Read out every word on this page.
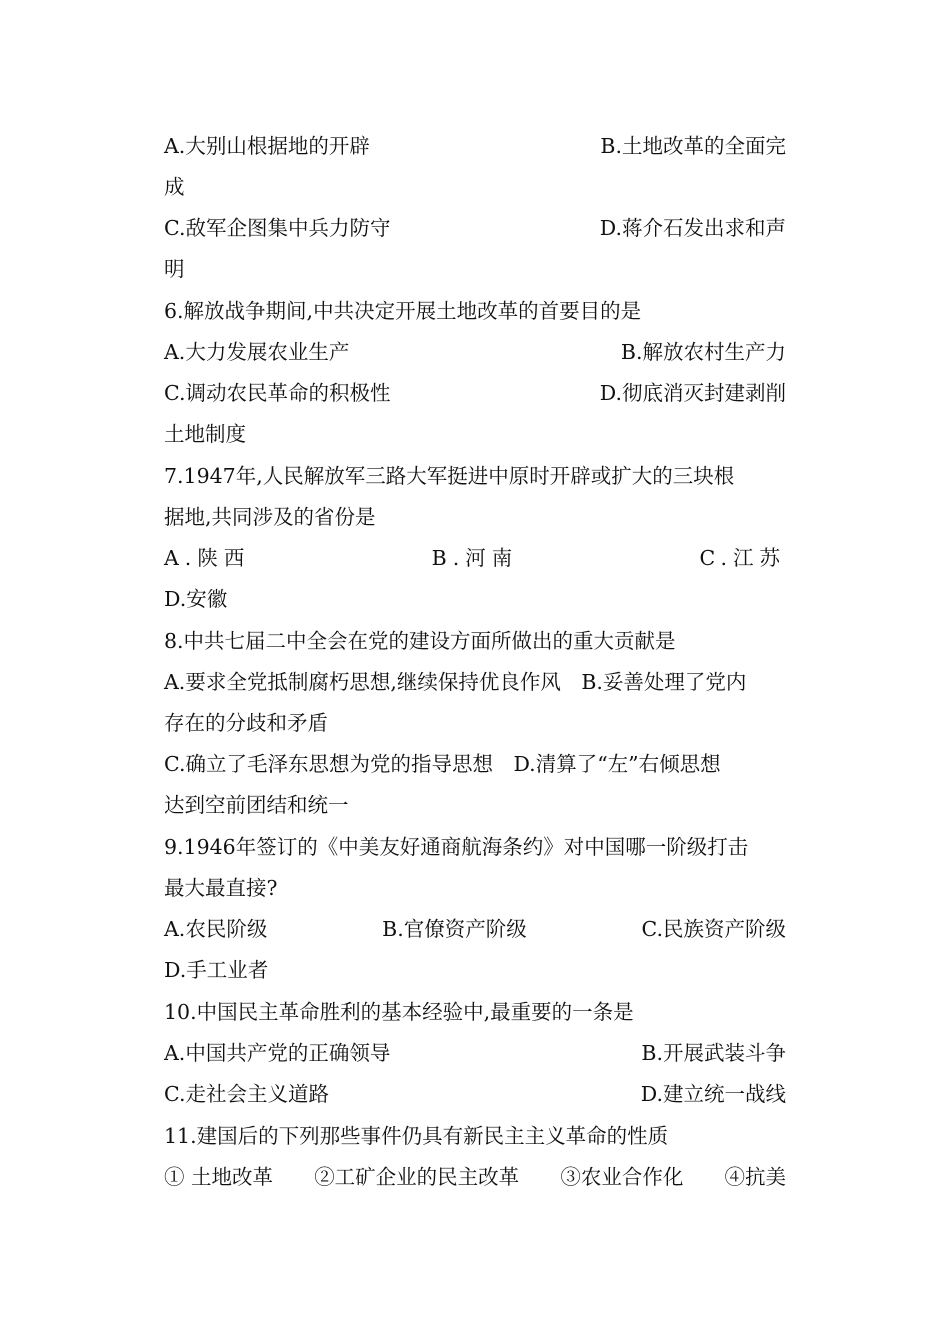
A.大别山根据地的开辟	B.土地改革的全面完
成
C.敌军企图集中兵力防守	D.蒋介石发出求和声
明
6.解放战争期间,中共决定开展土地改革的首要目的是
A.大力发展农业生产	B.解放农村生产力
C.调动农民革命的积极性	D.彻底消灭封建剥削
土地制度
7.1947年,人民解放军三路大军挺进中原时开辟或扩大的三块根
据地,共同涉及的省份是
A.陕西	B.河南	C.江苏
D.安徽
8.中共七届二中全会在党的建设方面所做出的重大贡献是
A.要求全党抵制腐朽思想,继续保持优良作风　B.妥善处理了党内
存在的分歧和矛盾
C.确立了毛泽东思想为党的指导思想　D.清算了“左”右倾思想
达到空前团结和统一
9.1946年签订的《中美友好通商航海条约》对中国哪一阶级打击
最大最直接?
A.农民阶级	B.官僚资产阶级	C.民族资产阶级
D.手工业者
10.中国民主革命胜利的基本经验中,最重要的一条是
A.中国共产党的正确领导	B.开展武装斗争
C.走社会主义道路	D.建立统一战线
11.建国后的下列那些事件仍具有新民主主义革命的性质
① 土地改革 ②工矿企业的民主改革 ③农业合作化 ④抗美
